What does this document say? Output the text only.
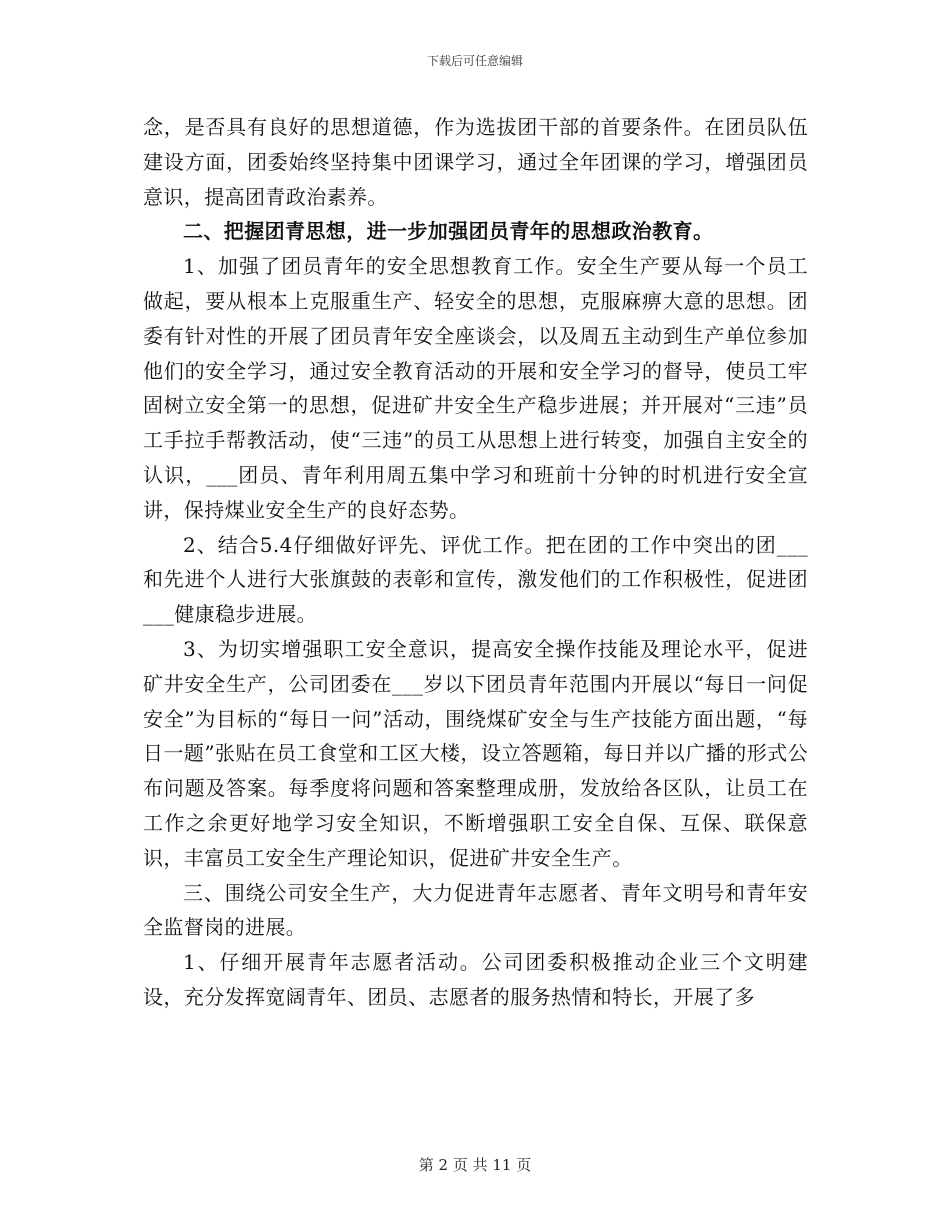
下载后可任意编辑

念，是否具有良好的思想道德，作为选拔团干部的首要条件。在团员队伍建设方面，团委始终坚持集中团课学习，通过全年团课的学习，增强团员意识，提高团青政治素养。

二、把握团青思想，进一步加强团员青年的思想政治教育。

1、加强了团员青年的安全思想教育工作。安全生产要从每一个员工做起，要从根本上克服重生产、轻安全的思想，克服麻痹大意的思想。团委有针对性的开展了团员青年安全座谈会，以及周五主动到生产单位参加他们的安全学习，通过安全教育活动的开展和安全学习的督导，使员工牢固树立安全第一的思想，促进矿井安全生产稳步进展；并开展对“三违”员工手拉手帮教活动，使“三违”的员工从思想上进行转变，加强自主安全的认识，___团员、青年利用周五集中学习和班前十分钟的时机进行安全宣讲，保持煤业安全生产的良好态势。

2、结合5.4仔细做好评先、评优工作。把在团的工作中突出的团___和先进个人进行大张旗鼓的表彰和宣传，激发他们的工作积极性，促进团___健康稳步进展。

3、为切实增强职工安全意识，提高安全操作技能及理论水平，促进矿井安全生产，公司团委在___岁以下团员青年范围内开展以“每日一问促安全”为目标的“每日一问”活动，围绕煤矿安全与生产技能方面出题，“每日一题”张贴在员工食堂和工区大楼，设立答题箱，每日并以广播的形式公布问题及答案。每季度将问题和答案整理成册，发放给各区队，让员工在工作之余更好地学习安全知识，不断增强职工安全自保、互保、联保意识，丰富员工安全生产理论知识，促进矿井安全生产。

三、围绕公司安全生产，大力促进青年志愿者、青年文明号和青年安全监督岗的进展。

1、仔细开展青年志愿者活动。公司团委积极推动企业三个文明建设，充分发挥宽阔青年、团员、志愿者的服务热情和特长，开展了多

第 2 页 共 11 页
